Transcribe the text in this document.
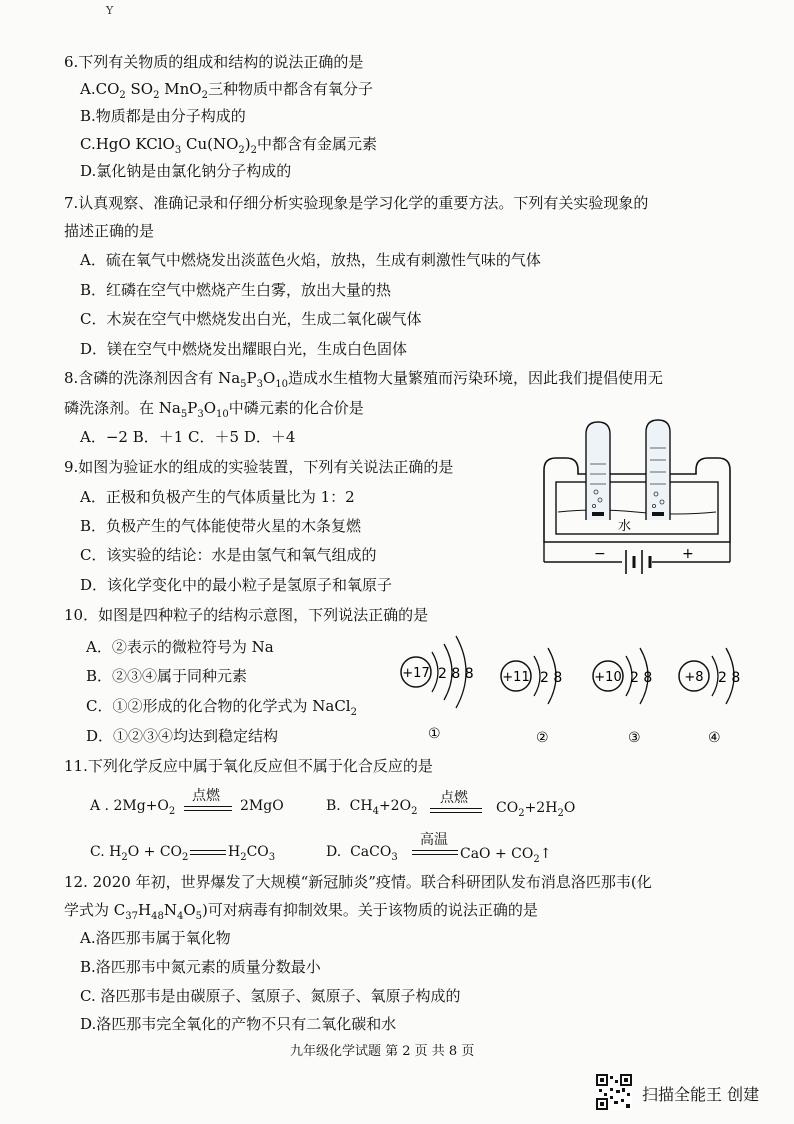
Y
6.下列有关物质的组成和结构的说法正确的是
$A.CO_2$ $SO_2$ MnO$_2$三种物质中都含有氧分子
B.物质都是由分子构成的
C.HgO KClO$_3$ $Cu(NO_2)_2$中都含有金属元素
D.氯化钠是由氯化钠分子构成的
7.认真观察、准确记录和仔细分析实验现象是学习化学的重要方法。下列有关实验现象的
描述正确的是
A．硫在氧气中燃烧发出淡蓝色火焰，放热，生成有刺激性气味的气体
B．红磷在空气中燃烧产生白雾，放出大量的热
C．木炭在空气中燃烧发出白光，生成二氧化碳气体
D．镁在空气中燃烧发出耀眼白光，生成白色固体
8.含磷的洗涤剂因含有 $Na_5P_3O_{10}$造成水生植物大量繁殖而污染环境，因此我们提倡使用无
磷洗涤剂。在 $Na_5P_3O_{10}$中磷元素的化合价是
A．−2 B．＋1 C．＋5 D．＋4
9.如图为验证水的组成的实验装置，下列有关说法正确的是
A．正极和负极产生的气体质量比为 1：2
B．负极产生的气体能使带火星的木条复燃
C．该实验的结论：水是由氢气和氧气组成的
D．该化学变化中的最小粒子是氢原子和氧原子
水
−	+
10．如图是四种粒子的结构示意图，下列说法正确的是
A．②表示的微粒符号为 Na
B．②③④属于同种元素
C．①②形成的化合物的化学式为 NaCl$_2$
D．①②③④均达到稳定结构
+17 2 8 8
①
+11 2 8
②
+10 2 8
③
+8 2 8
④
11.下列化学反应中属于氧化反应但不属于化合反应的是
A . $2Mg+O_2$
点燃
2MgO	B. $CH_4+2O_2$
点燃
$CO_2+2H_2O$
C. $H_2O + CO_2$	$H_2CO_3$	D. CaCO$_3$
高温
CaO + $CO_2↑$
12. 2020 年初，世界爆发了大规模“新冠肺炎”疫情。联合科研团队发布消息洛匹那韦(化
学式为 $C_{37}H_{48}N_4O_5$)可对病毒有抑制效果。关于该物质的说法正确的是
A.洛匹那韦属于氧化物
B.洛匹那韦中氮元素的质量分数最小
C. 洛匹那韦是由碳原子、氢原子、氮原子、氧原子构成的
D.洛匹那韦完全氧化的产物不只有二氧化碳和水
九年级化学试题 第 2 页 共 8 页
扫描全能王 创建
